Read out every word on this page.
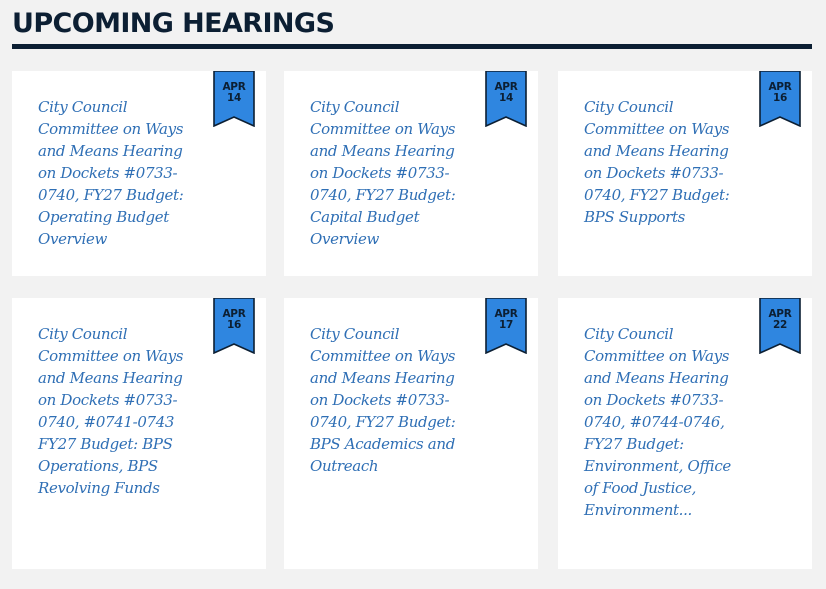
UPCOMING HEARINGS
City Council Committee on Ways and Means Hearing on Dockets #0733-0740, FY27 Budget: Operating Budget Overview
APR
14	City Council Committee on Ways and Means Hearing on Dockets #0733-0740, FY27 Budget: Capital Budget Overview
APR
14	City Council Committee on Ways and Means Hearing on Dockets #0733-0740, FY27 Budget: BPS Supports
APR
16
City Council Committee on Ways and Means Hearing on Dockets #0733-0740, #0741-0743 FY27 Budget: BPS Operations, BPS Revolving Funds
APR
16	City Council Committee on Ways and Means Hearing on Dockets #0733-0740, FY27 Budget: BPS Academics and Outreach
APR
17	City Council Committee on Ways and Means Hearing on Dockets #0733-0740, #0744-0746, FY27 Budget: Environment, Office of Food Justice, Environment...
APR
22
